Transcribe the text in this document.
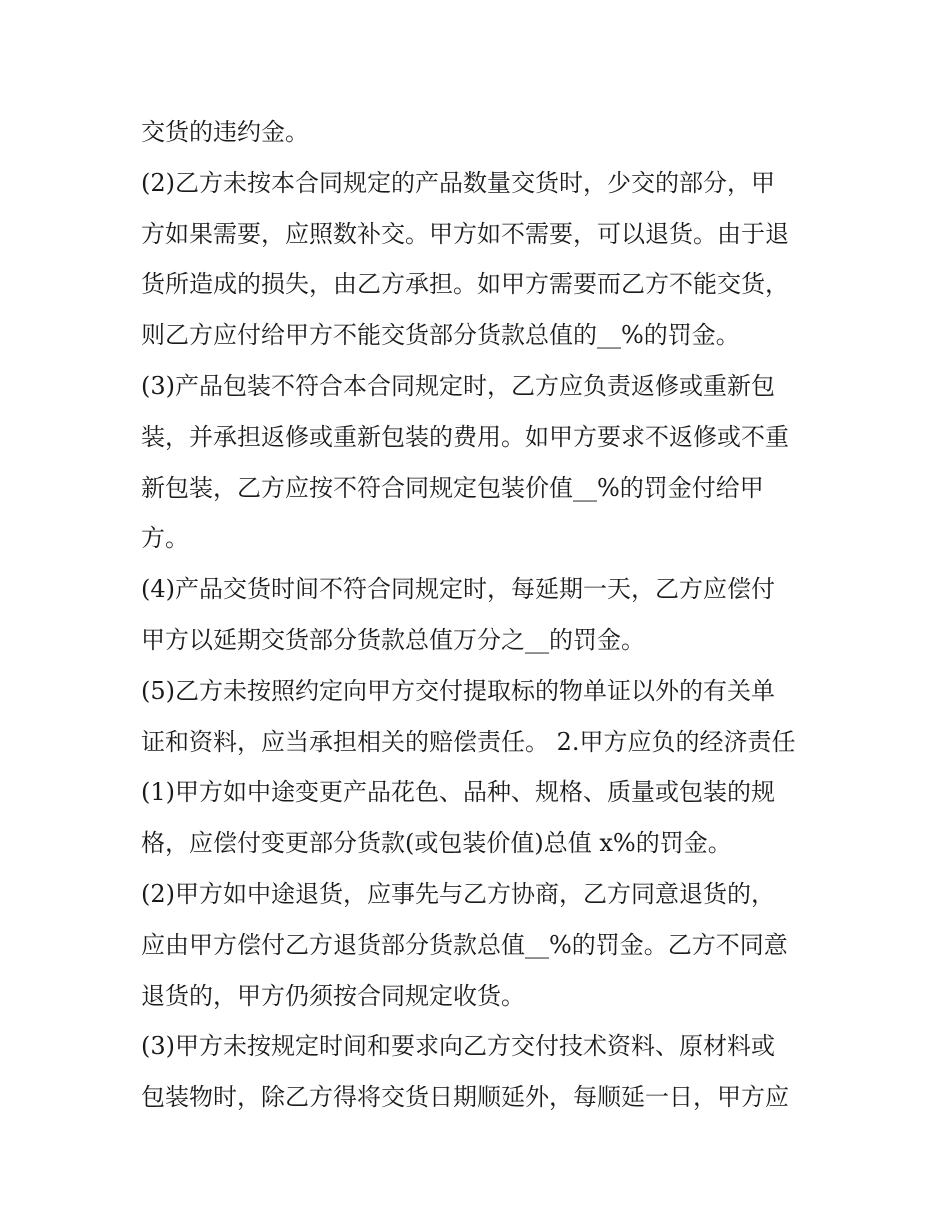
交货的违约金。
(2)乙方未按本合同规定的产品数量交货时，少交的部分，甲
方如果需要，应照数补交。甲方如不需要，可以退货。由于退
货所造成的损失，由乙方承担。如甲方需要而乙方不能交货，
则乙方应付给甲方不能交货部分货款总值的__%的罚金。
(3)产品包装不符合本合同规定时，乙方应负责返修或重新包
装，并承担返修或重新包装的费用。如甲方要求不返修或不重
新包装，乙方应按不符合同规定包装价值__%的罚金付给甲
方。
(4)产品交货时间不符合同规定时，每延期一天，乙方应偿付
甲方以延期交货部分货款总值万分之__的罚金。
(5)乙方未按照约定向甲方交付提取标的物单证以外的有关单
证和资料，应当承担相关的赔偿责任。 2.甲方应负的经济责任
(1)甲方如中途变更产品花色、品种、规格、质量或包装的规
格，应偿付变更部分货款(或包装价值)总值 x%的罚金。
(2)甲方如中途退货，应事先与乙方协商，乙方同意退货的，
应由甲方偿付乙方退货部分货款总值__%的罚金。乙方不同意
退货的，甲方仍须按合同规定收货。
(3)甲方未按规定时间和要求向乙方交付技术资料、原材料或
包装物时，除乙方得将交货日期顺延外，每顺延一日，甲方应
